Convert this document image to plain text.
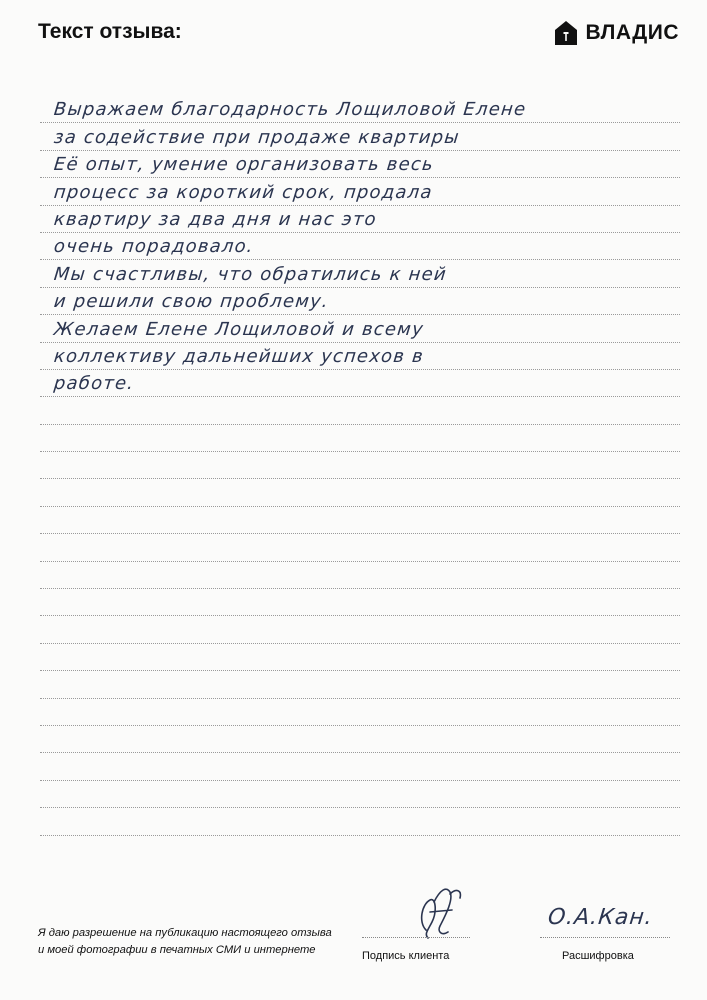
Текст отзыва:	ВЛАДИС
Выражаем благодарность Лощиловой Елене
за содействие при продаже квартиры
Её опыт, умение организовать весь
процесс за короткий срок, продала
квартиру за два дня и нас это
очень порадовало.
Мы счастливы, что обратились к ней
и решили свою проблему.
Желаем Елене Лощиловой и всему
коллективу дальнейших успехов в
работе.
Я даю разрешение на публикацию настоящего отзыва
и моей фотографии в печатных СМИ и интернете	Подпись клиента
О.А.Кан.
Расшифровка
